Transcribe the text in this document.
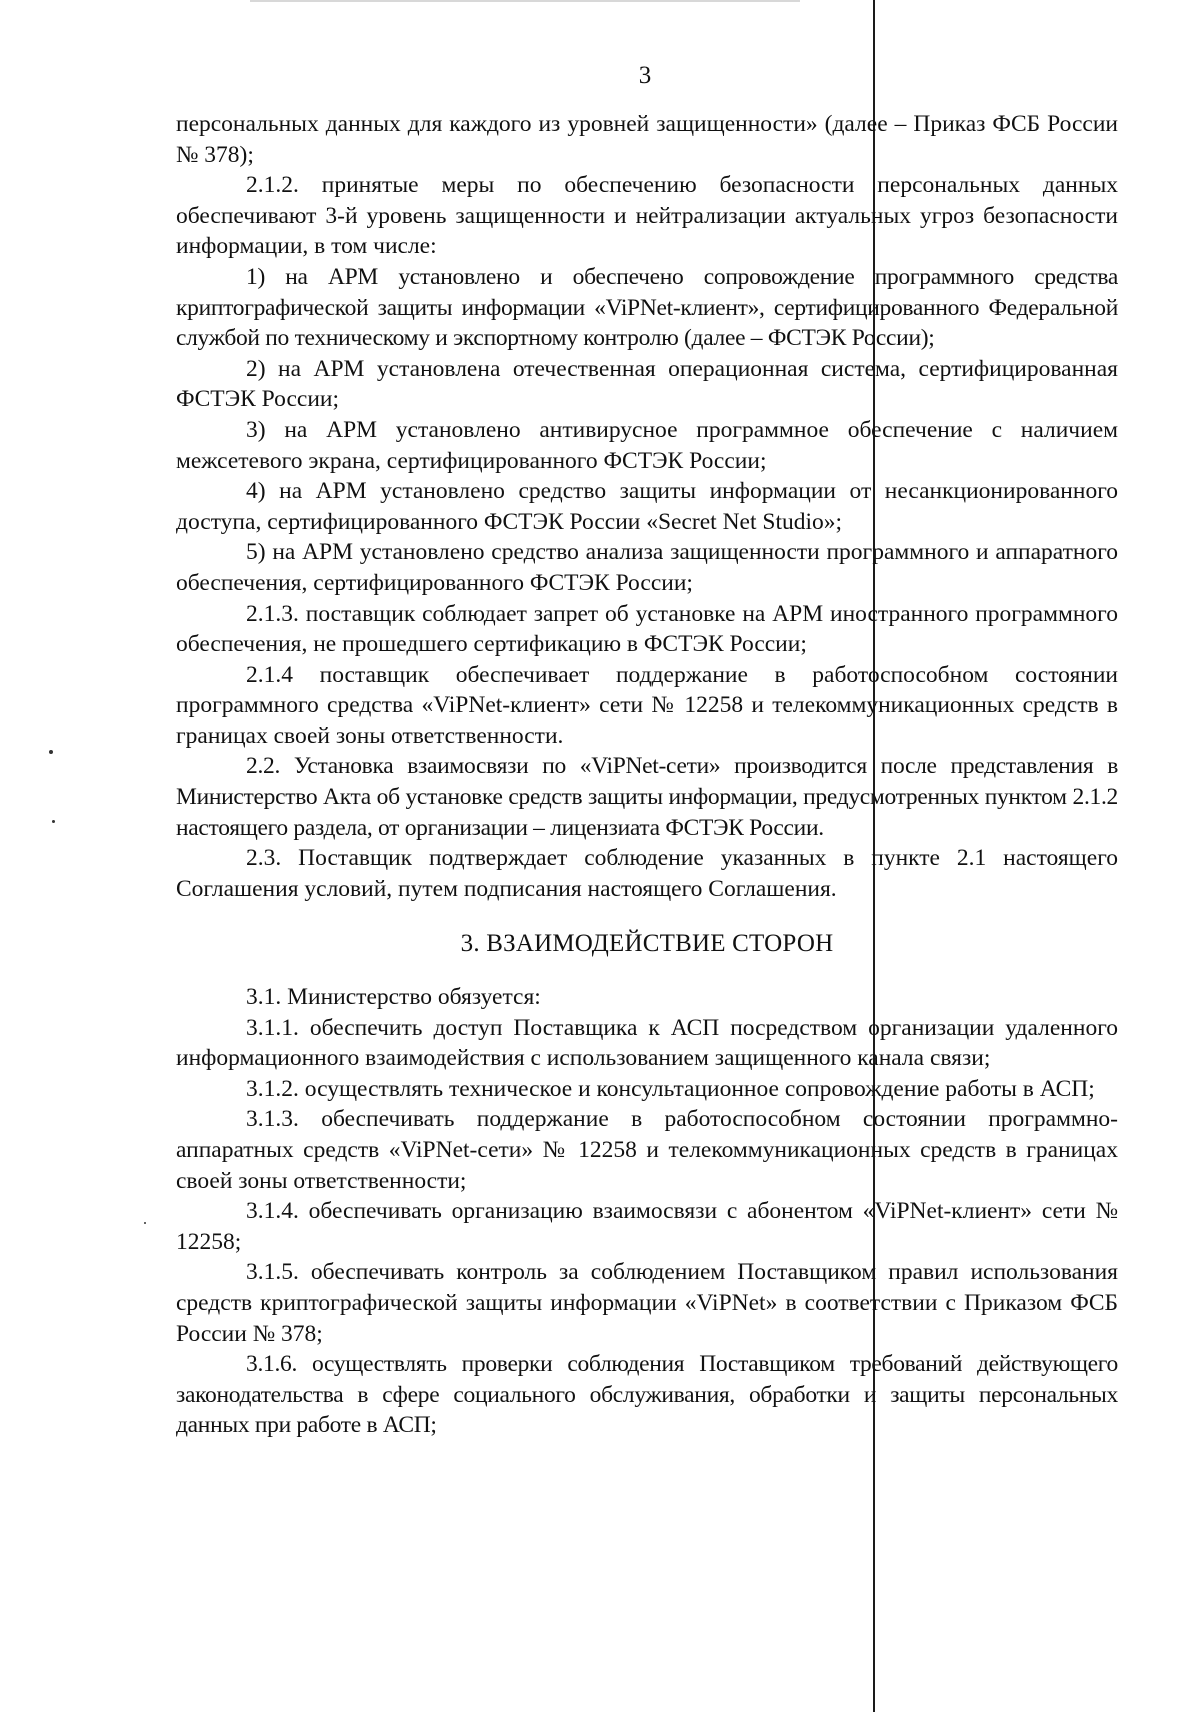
3

персональных данных для каждого из уровней защищенности» (далее – Приказ ФСБ России № 378);

2.1.2. принятые меры по обеспечению безопасности персональных данных обеспечивают 3-й уровень защищенности и нейтрализации актуальных угроз безопасности информации, в том числе:

1) на АРМ установлено и обеспечено сопровождение программного средства криптографической защиты информации «ViPNet-клиент», сертифицированного Федеральной службой по техническому и экспортному контролю (далее – ФСТЭК России);

2) на АРМ установлена отечественная операционная система, сертифицированная ФСТЭК России;

3) на АРМ установлено антивирусное программное обеспечение с наличием межсетевого экрана, сертифицированного ФСТЭК России;

4) на АРМ установлено средство защиты информации от несанкционированного доступа, сертифицированного ФСТЭК России «Secret Net Studio»;

5) на АРМ установлено средство анализа защищенности программного и аппаратного обеспечения, сертифицированного ФСТЭК России;

2.1.3. поставщик соблюдает запрет об установке на АРМ иностранного программного обеспечения, не прошедшего сертификацию в ФСТЭК России;

2.1.4 поставщик обеспечивает поддержание в работоспособном состоянии программного средства «ViPNet-клиент» сети № 12258 и телекоммуникационных средств в границах своей зоны ответственности.

2.2. Установка взаимосвязи по «ViPNet-сети» производится после представления в Министерство Акта об установке средств защиты информации, предусмотренных пунктом 2.1.2 настоящего раздела, от организации – лицензиата ФСТЭК России.

2.3. Поставщик подтверждает соблюдение указанных в пункте 2.1 настоящего Соглашения условий, путем подписания настоящего Соглашения.

3. ВЗАИМОДЕЙСТВИЕ СТОРОН

3.1. Министерство обязуется:

3.1.1. обеспечить доступ Поставщика к АСП посредством организации удаленного информационного взаимодействия с использованием защищенного канала связи;

3.1.2. осуществлять техническое и консультационное сопровождение работы в АСП;

3.1.3. обеспечивать поддержание в работоспособном состоянии программно-аппаратных средств «ViPNet-сети» № 12258 и телекоммуникационных средств в границах своей зоны ответственности;

3.1.4. обеспечивать организацию взаимосвязи с абонентом «ViPNet-клиент» сети № 12258;

3.1.5. обеспечивать контроль за соблюдением Поставщиком правил использования средств криптографической защиты информации «ViPNet» в соответствии с Приказом ФСБ России № 378;

3.1.6. осуществлять проверки соблюдения Поставщиком требований действующего законодательства в сфере социального обслуживания, обработки и защиты персональных данных при работе в АСП;
